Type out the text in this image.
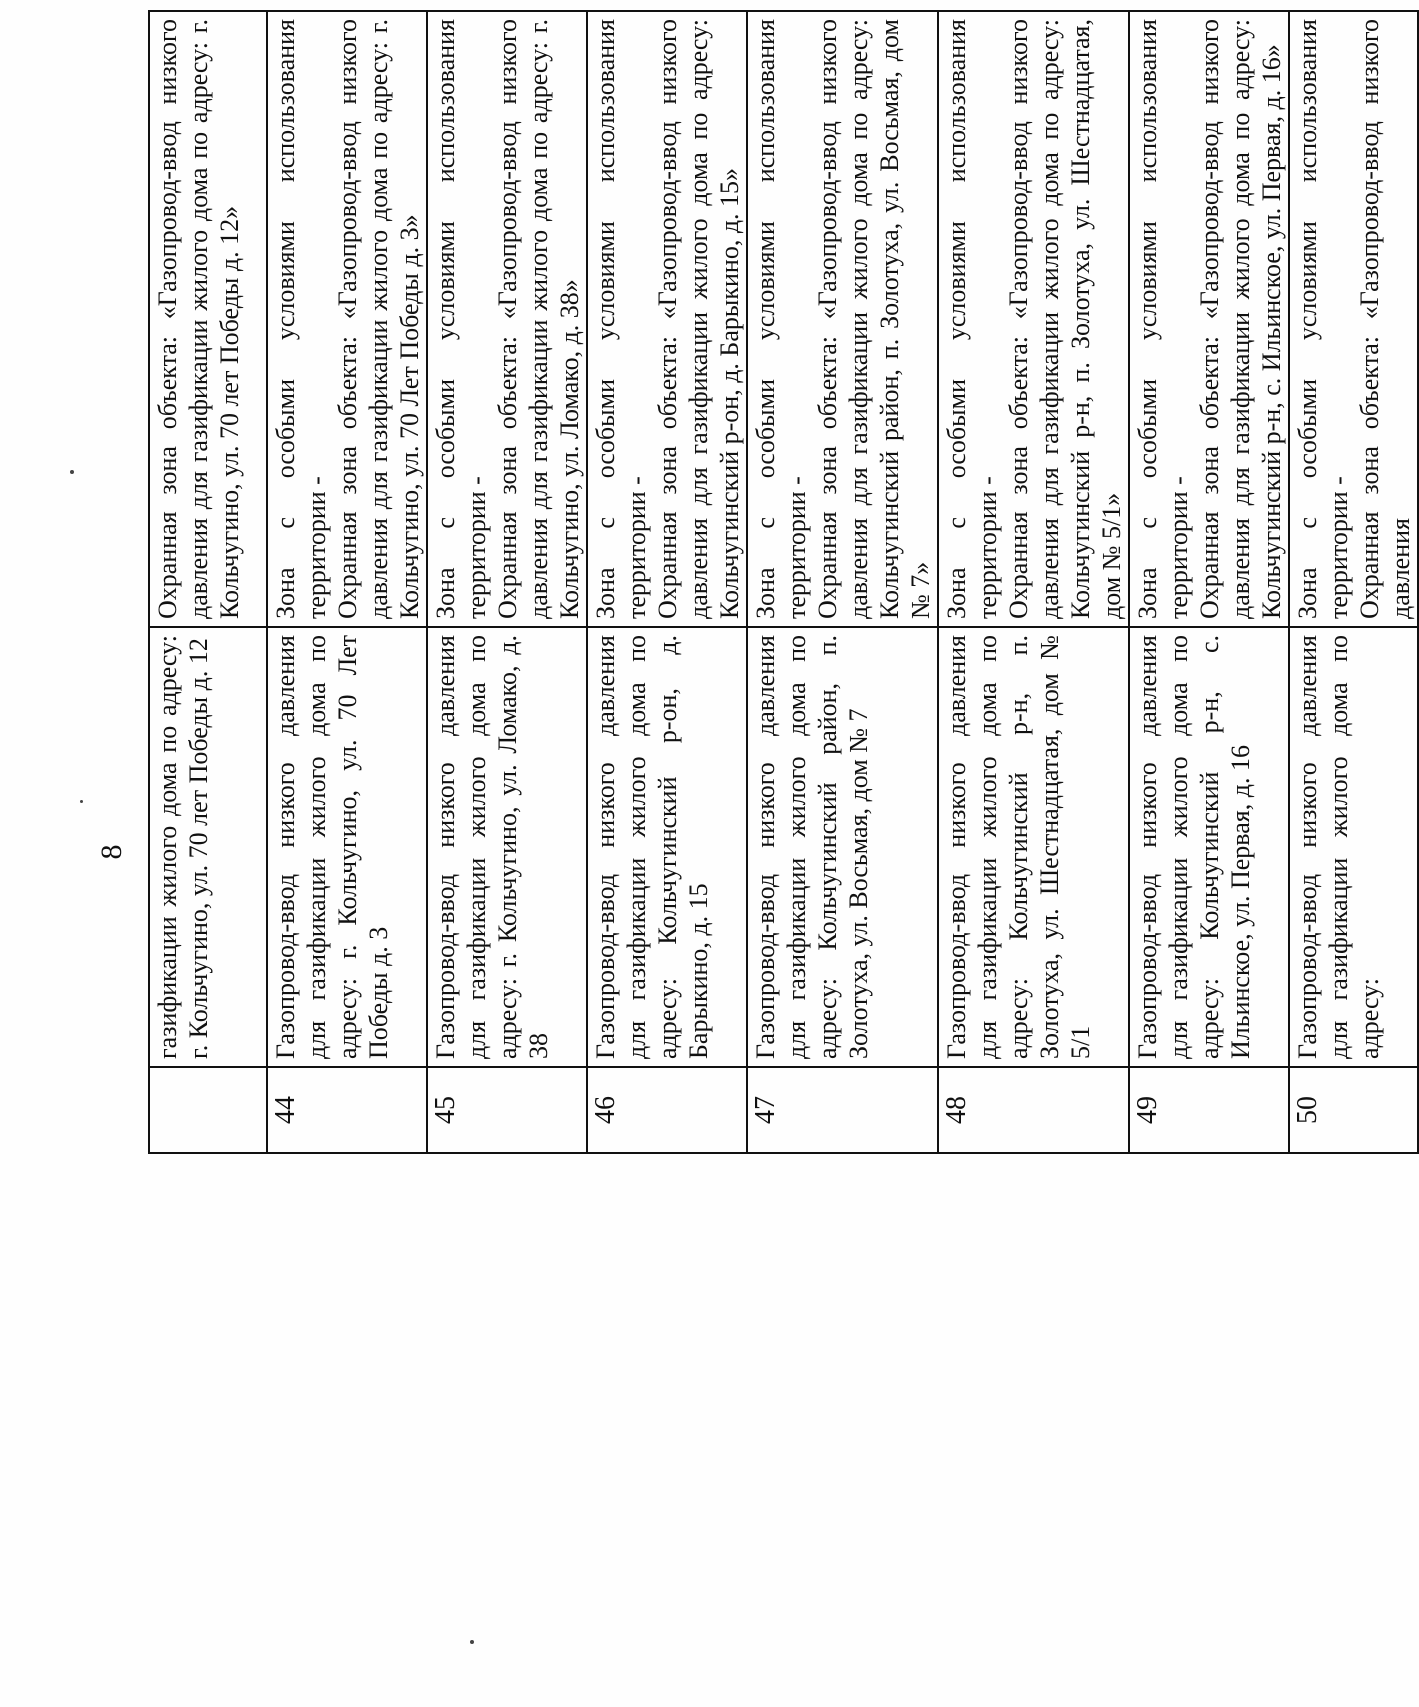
8
	газификации жилого дома по адресу: г. Кольчугино, ул. 70 лет Победы д. 12	Охранная зона объекта: «Газопровод-ввод низкого давления для газификации жилого дома по адресу: г. Кольчугино, ул. 70 лет Победы д. 12»

44	Газопровод-ввод низкого давления для газификации жилого дома по адресу: г. Кольчугино, ул. 70 Лет Победы д. 3	Зона с особыми условиями использования территории - Охранная зона объекта: «Газопровод-ввод низкого давления для газификации жилого дома по адресу: г. Кольчугино, ул. 70 Лет Победы д. 3»

45	Газопровод-ввод низкого давления для газификации жилого дома по адресу: г. Кольчугино, ул. Ломако, д. 38	Зона с особыми условиями использования территории - Охранная зона объекта: «Газопровод-ввод низкого давления для газификации жилого дома по адресу: г. Кольчугино, ул. Ломако, д. 38»

46	Газопровод-ввод низкого давления для газификации жилого дома по адресу: Кольчугинский р-он, д. Барыкино, д. 15	Зона с особыми условиями использования территории - Охранная зона объекта: «Газопровод-ввод низкого давления для газификации жилого дома по адресу: Кольчугинский р-он, д. Барыкино, д. 15»

47	Газопровод-ввод низкого давления для газификации жилого дома по адресу: Кольчугинский район, п. Золотуха, ул. Восьмая, дом № 7	Зона с особыми условиями использования территории - Охранная зона объекта: «Газопровод-ввод низкого давления для газификации жилого дома по адресу: Кольчугинский район, п. Золотуха, ул. Восьмая, дом № 7»

48	Газопровод-ввод низкого давления для газификации жилого дома по адресу: Кольчугинский р-н, п. Золотуха, ул. Шестнадцатая, дом № 5/1	Зона с особыми условиями использования территории - Охранная зона объекта: «Газопровод-ввод низкого давления для газификации жилого дома по адресу: Кольчугинский р-н, п. Золотуха, ул. Шестнадцатая, дом № 5/1»

49	Газопровод-ввод низкого давления для газификации жилого дома по адресу: Кольчугинский р-н, с. Ильинское, ул. Первая, д. 16	Зона с особыми условиями использования территории - Охранная зона объекта: «Газопровод-ввод низкого давления для газификации жилого дома по адресу: Кольчугинский р-н, с. Ильинское, ул. Первая, д. 16»

50	Газопровод-ввод низкого давления для газификации жилого дома по адресу:	Зона с особыми условиями использования территории - Охранная зона объекта: «Газопровод-ввод низкого давления
